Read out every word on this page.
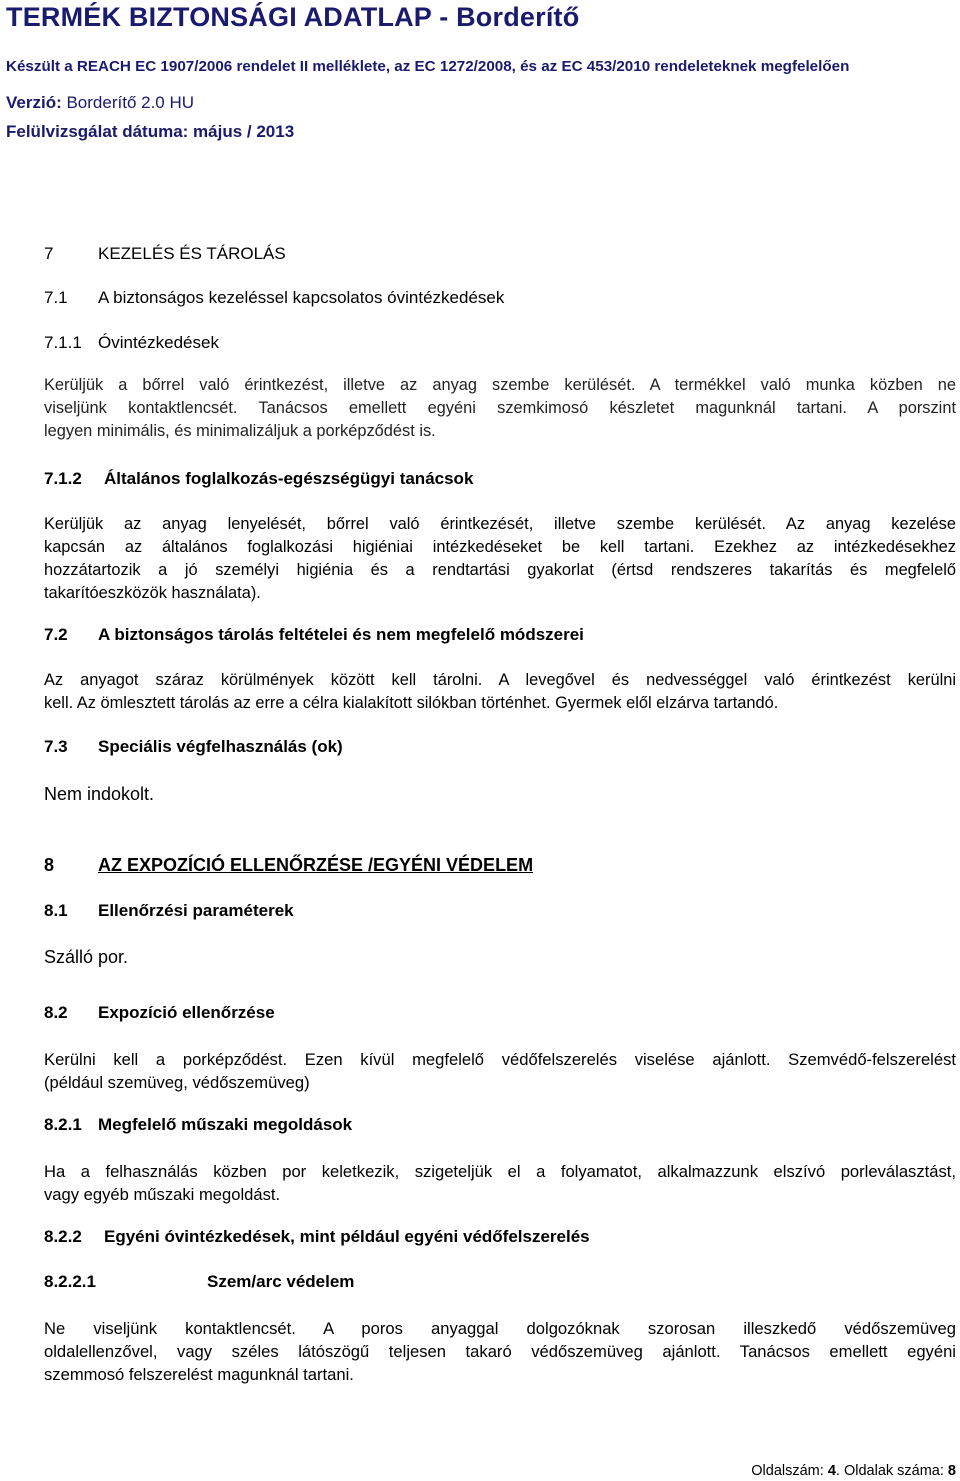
TERMÉK BIZTONSÁGI ADATLAP - Borderítő
Készült a REACH EC 1907/2006 rendelet II melléklete, az EC 1272/2008, és az EC 453/2010 rendeleteknek megfelelően
Verzió: Borderítő 2.0 HU
Felülvizsgálat dátuma: május / 2013
7	KEZELÉS ÉS TÁROLÁS
7.1 A biztonságos kezeléssel kapcsolatos óvintézkedések
7.1.1 Óvintézkedések
Kerüljük a bőrrel való érintkezést, illetve az anyag szembe kerülését. A termékkel való munka közben ne
viseljünk kontaktlencsét. Tanácsos emellett egyéni szemkimosó készletet magunknál tartani. A porszint
legyen minimális, és minimalizáljuk a porképződést is.
7.1.2 Általános foglalkozás-egészségügyi tanácsok
Kerüljük az anyag lenyelését, bőrrel való érintkezését, illetve szembe kerülését. Az anyag kezelése
kapcsán az általános foglalkozási higiéniai intézkedéseket be kell tartani. Ezekhez az intézkedésekhez
hozzátartozik a jó személyi higiénia és a rendtartási gyakorlat (értsd rendszeres takarítás és megfelelő
takarítóeszközök használata).
7.2 A biztonságos tárolás feltételei és nem megfelelő módszerei
Az anyagot száraz körülmények között kell tárolni. A levegővel és nedvességgel való érintkezést kerülni
kell. Az ömlesztett tárolás az erre a célra kialakított silókban történhet. Gyermek elől elzárva tartandó.
7.3 Speciális végfelhasználás (ok)
Nem indokolt.
8 AZ EXPOZÍCIÓ ELLENŐRZÉSE /EGYÉNI VÉDELEM
8.1 Ellenőrzési paraméterek
Szálló por.
8.2 Expozíció ellenőrzése
Kerülni kell a porképződést. Ezen kívül megfelelő védőfelszerelés viselése ajánlott. Szemvédő-felszerelést
(például szemüveg, védőszemüveg)
8.2.1 Megfelelő műszaki megoldások
Ha a felhasználás közben por keletkezik, szigeteljük el a folyamatot, alkalmazzunk elszívó porleválasztást,
vagy egyéb műszaki megoldást.
8.2.2 Egyéni óvintézkedések, mint például egyéni védőfelszerelés
8.2.2.1	Szem/arc védelem
Ne viseljünk kontaktlencsét. A poros anyaggal dolgozóknak szorosan illeszkedő védőszemüveg
oldalellenzővel, vagy széles látószögű teljesen takaró védőszemüveg ajánlott. Tanácsos emellett egyéni
szemmosó felszerelést magunknál tartani.
Oldalszám: 4. Oldalak száma: 8
